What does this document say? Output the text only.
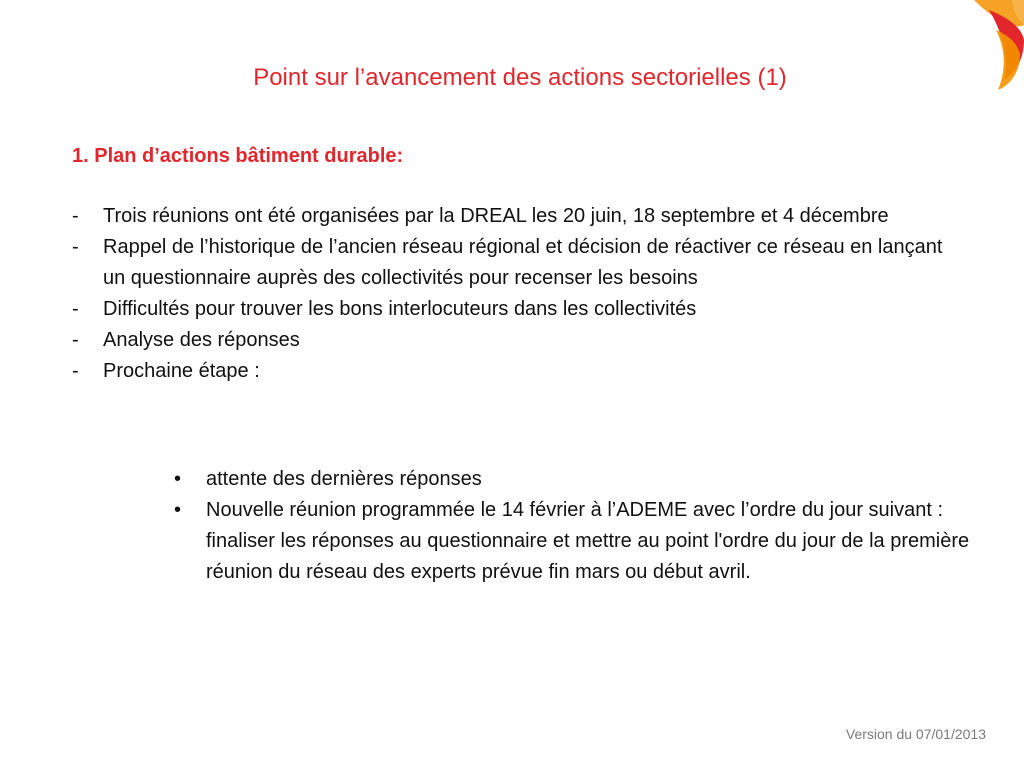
Point sur l’avancement des actions sectorielles (1)
1. Plan d’actions bâtiment durable:
- Trois réunions ont été organisées par la DREAL les 20 juin, 18 septembre et 4 décembre
- Rappel de l’historique de l’ancien réseau régional et décision de réactiver ce réseau en lançant un questionnaire auprès des collectivités pour recenser les besoins
- Difficultés pour trouver les bons interlocuteurs dans les collectivités
- Analyse des réponses
- Prochaine étape :
• attente des dernières réponses
• Nouvelle réunion programmée le 14 février à l’ADEME avec l’ordre du jour suivant : finaliser les réponses au questionnaire et mettre au point l'ordre du jour de la première réunion du réseau des experts prévue fin mars ou début avril.
Version du 07/01/2013
